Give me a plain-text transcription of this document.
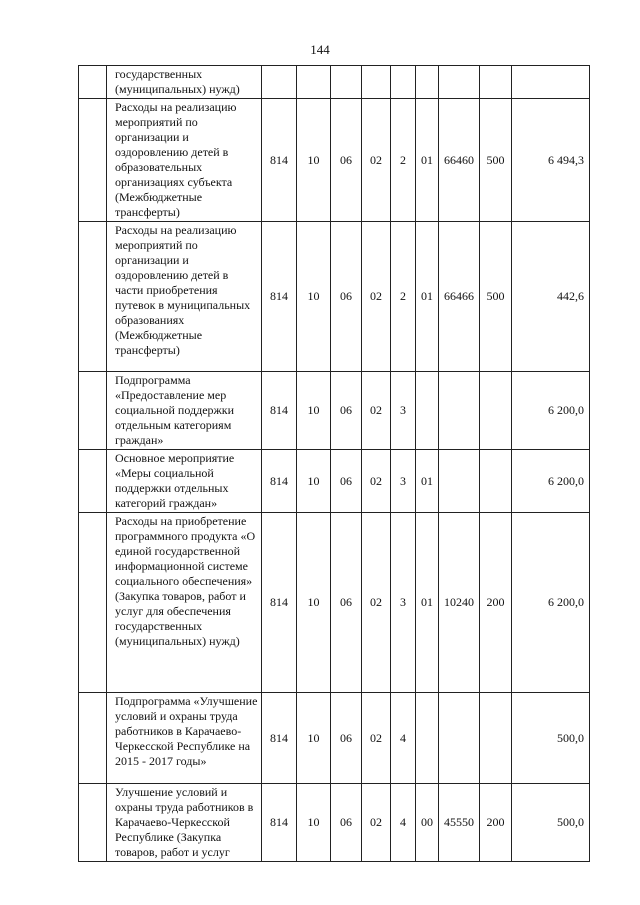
144
	государственных (муниципальных) нужд)									
	Расходы на реализацию мероприятий по организации и оздоровлению детей в образовательных организациях субъекта (Межбюджетные трансферты)	814	10	06	02	2	01	66460	500	6 494,3
	Расходы на реализацию мероприятий по организации и оздоровлению детей в части приобретения путевок в муниципальных образованиях (Межбюджетные трансферты)	814	10	06	02	2	01	66466	500	442,6
	Подпрограмма «Предоставление мер социальной поддержки отдельным категориям граждан»	814	10	06	02	3				6 200,0
	Основное мероприятие «Меры социальной поддержки отдельных категорий граждан»	814	10	06	02	3	01			6 200,0
	Расходы на приобретение программного продукта «О единой государственной информационной системе социального обеспечения» (Закупка товаров, работ и услуг для обеспечения государственных (муниципальных) нужд)	814	10	06	02	3	01	10240	200	6 200,0
	Подпрограмма «Улучшение условий и охраны труда работников в Карачаево-Черкесской Республике на 2015 - 2017 годы»	814	10	06	02	4				500,0
	Улучшение условий и охраны труда работников в Карачаево-Черкесской Республике (Закупка товаров, работ и услуг	814	10	06	02	4	00	45550	200	500,0
